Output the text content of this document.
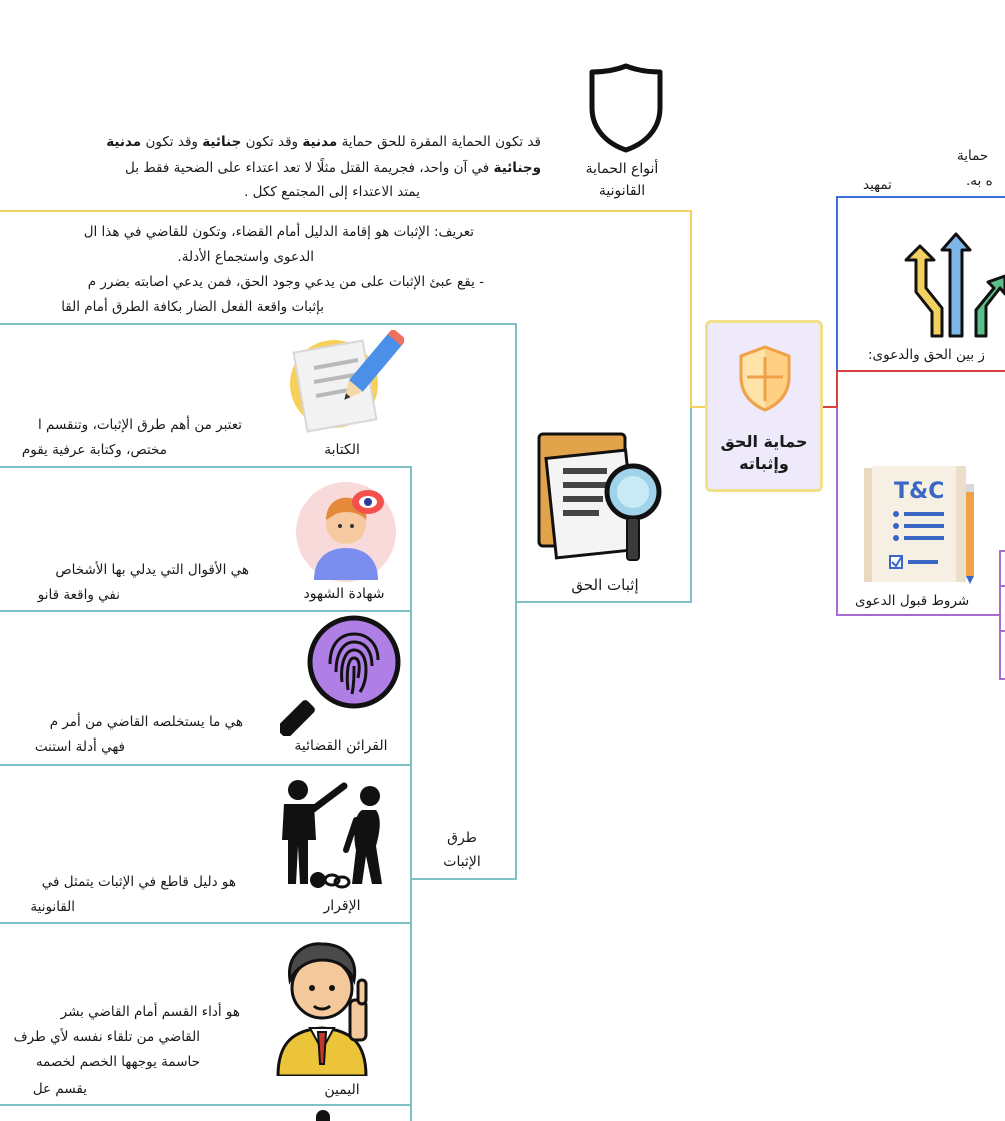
حماية الحق وإثباته
أنواع الحماية القانونية
قد تكون الحماية المقرة للحق حماية مدنية وقد تكون جنائية وقد تكون مدنية
وجنائية في آن واحد، فجريمة القتل مثلًا لا تعد اعتداء على الضحية فقط بل
يمتد الاعتداء إلى المجتمع ككل .
تعريف: الإثبات هو إقامة الدليل أمام القضاء، وتكون للقاضي في هذا ال
الدعوى واستجماع الأدلة.
- يقع عبئ الإثبات على من يدعي وجود الحق، فمن يدعي اصابته بضرر م
بإثبات واقعة الفعل الضار بكافة الطرق أمام القا
إثبات الحق
طرق الإثبات
الكتابة
تعتبر من أهم طرق الإثبات، وتنقسم ا
مختص، وكتابة عرفية يقوم
شهادة الشهود
هي الأقوال التي يدلي بها الأشخاص
نفي واقعة قانو
القرائن القضائية
هي ما يستخلصه القاضي من أمر م
فهي أدلة استنت
الإقرار
هو دليل قاطع في الإثبات يتمثل في
القانونية
اليمين
هو أداء القسم أمام القاضي بشر
القاضي من تلقاء نفسه لأي طرف
حاسمة يوجهها الخصم لخصمه
يقسم عل
حماية
ه به.
تمهيد
ز بين الحق والدعوى:
T&C
شروط قبول الدعوى
